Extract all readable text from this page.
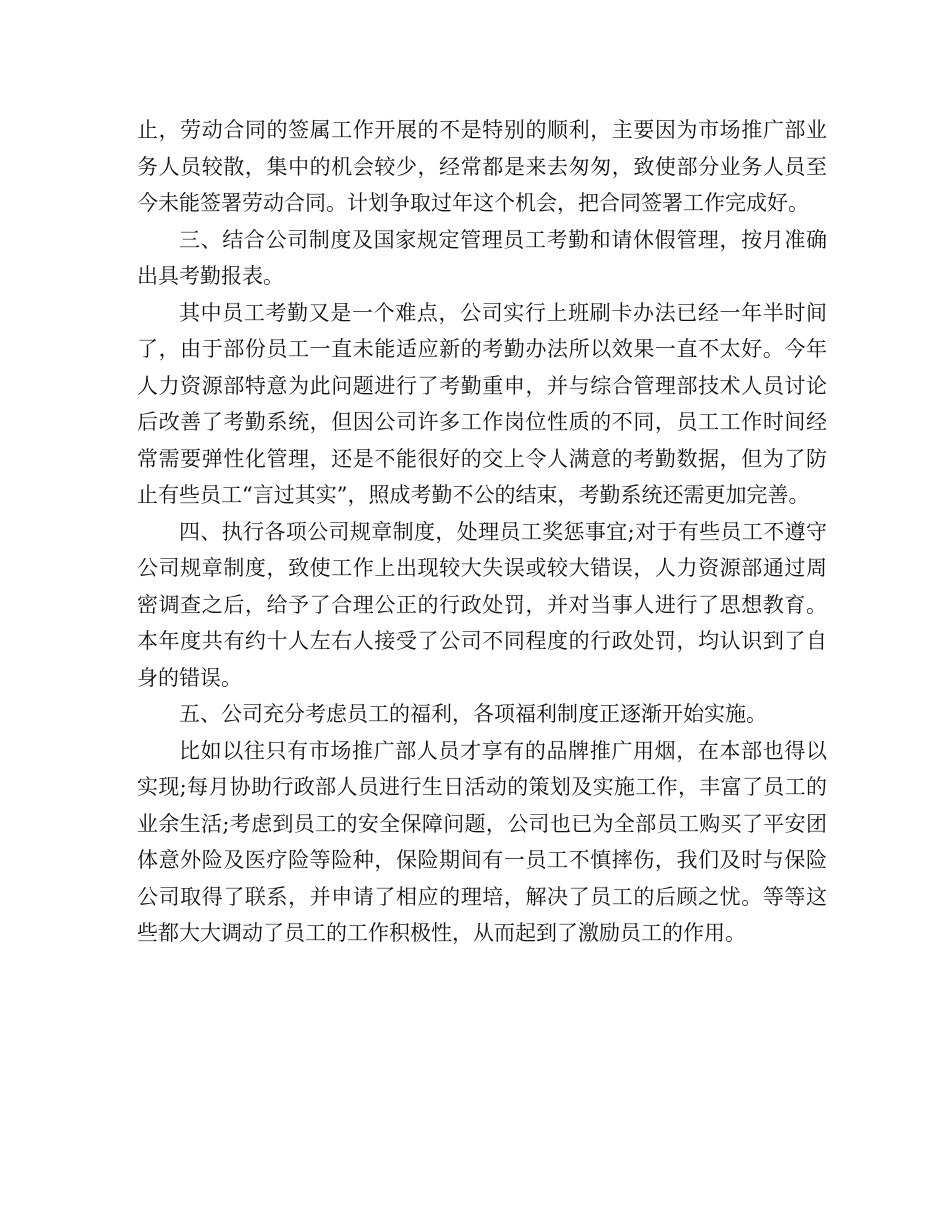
止，劳动合同的签属工作开展的不是特别的顺利，主要因为市场推广部业务人员较散，集中的机会较少，经常都是来去匆匆，致使部分业务人员至今未能签署劳动合同。计划争取过年这个机会，把合同签署工作完成好。

三、结合公司制度及国家规定管理员工考勤和请休假管理，按月准确出具考勤报表。

其中员工考勤又是一个难点，公司实行上班刷卡办法已经一年半时间了，由于部份员工一直未能适应新的考勤办法所以效果一直不太好。今年人力资源部特意为此问题进行了考勤重申，并与综合管理部技术人员讨论后改善了考勤系统，但因公司许多工作岗位性质的不同，员工工作时间经常需要弹性化管理，还是不能很好的交上令人满意的考勤数据，但为了防止有些员工“言过其实”，照成考勤不公的结束，考勤系统还需更加完善。

四、执行各项公司规章制度，处理员工奖惩事宜;对于有些员工不遵守公司规章制度，致使工作上出现较大失误或较大错误，人力资源部通过周密调查之后，给予了合理公正的行政处罚，并对当事人进行了思想教育。本年度共有约十人左右人接受了公司不同程度的行政处罚，均认识到了自身的错误。

五、公司充分考虑员工的福利，各项福利制度正逐渐开始实施。

比如以往只有市场推广部人员才享有的品牌推广用烟，在本部也得以实现;每月协助行政部人员进行生日活动的策划及实施工作，丰富了员工的业余生活;考虑到员工的安全保障问题，公司也已为全部员工购买了平安团体意外险及医疗险等险种，保险期间有一员工不慎摔伤，我们及时与保险公司取得了联系，并申请了相应的理培，解决了员工的后顾之忧。等等这些都大大调动了员工的工作积极性，从而起到了激励员工的作用。
